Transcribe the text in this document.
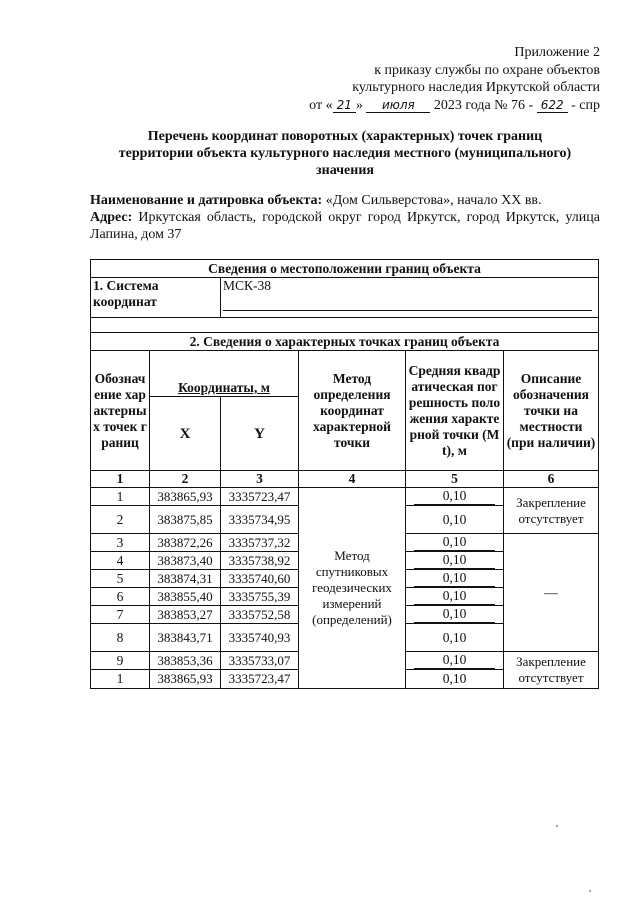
Приложение 2
к приказу службы по охране объектов
культурного наследия Иркутской области
от « 21 » июля 2023 года № 76 - 622 - спр
Перечень координат поворотных (характерных) точек границ
территории объекта культурного наследия местного (муниципального)
значения
Наименование и датировка объекта: «Дом Сильверстова», начало XX вв.
Адрес: Иркутская область, городской округ город Иркутск, город Иркутск, улица Лапина, дом 37
Сведения о местоположении границ объекта					
1. Система координат		МСК-38			

2. Сведения о характерных точках границ объекта					
Обозначение характерных точек границ	Координаты, м		Метод определения координат характерной точки	Средняя квадратическая погрешность положения характерной точки (Mt), м	Описание обозначения точки на местности (при наличии)
	X	Y			
1	2	3	4	5	6
1	383865,93	3335723,47	Метод спутниковых геодезических измерений (определений)	0,10	Закрепление отсутствует
2	383875,85	3335734,95		0,10	
3	383872,26	3335737,32		0,10	—
4	383873,40	3335738,92		0,10	

5	383874,31	3335740,60		0,10	

6	383855,40	3335755,39		0,10	

7	383853,27	3335752,58		0,10	

8	383843,71	3335740,93		0,10	
9	383853,36	3335733,07		0,10	Закрепление отсутствует
1	383865,93	3335723,47		0,10	
